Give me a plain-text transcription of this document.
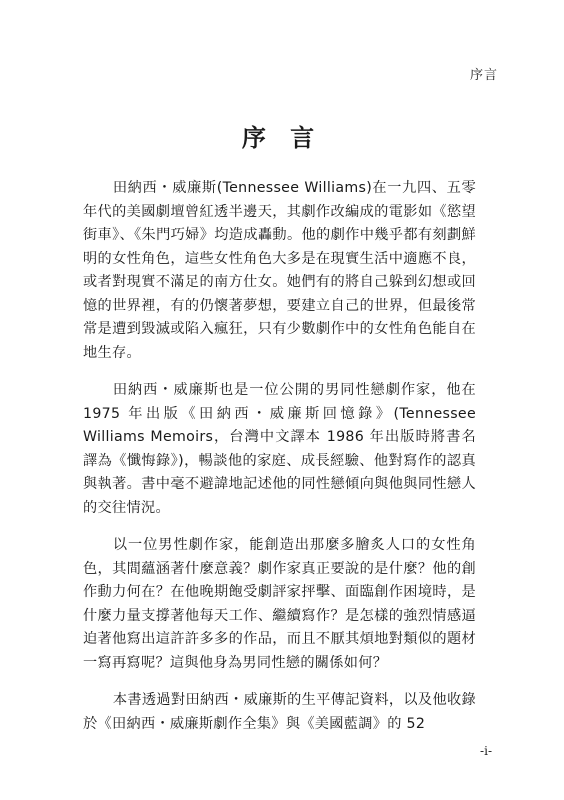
序言
序 言

田納西・威廉斯(Tennessee Williams)在一九四、五零年代的美國劇壇曾紅透半邊天，其劇作改編成的電影如《慾望街車》、《朱門巧婦》均造成轟動。他的劇作中幾乎都有刻劃鮮明的女性角色，這些女性角色大多是在現實生活中適應不良，或者對現實不滿足的南方仕女。她們有的將自己躲到幻想或回憶的世界裡，有的仍懷著夢想，要建立自己的世界，但最後常常是遭到毀滅或陷入瘋狂，只有少數劇作中的女性角色能自在地生存。

田納西・威廉斯也是一位公開的男同性戀劇作家，他在 1975 年出版《田納西・威廉斯回憶錄》(Tennessee Williams Memoirs，台灣中文譯本 1986 年出版時將書名譯為《懺悔錄》)，暢談他的家庭、成長經驗、他對寫作的認真與執著。書中毫不避諱地記述他的同性戀傾向與他與同性戀人的交往情況。

以一位男性劇作家，能創造出那麼多膾炙人口的女性角色，其間蘊涵著什麼意義？劇作家真正要說的是什麼？他的創作動力何在？在他晚期飽受劇評家抨擊、面臨創作困境時，是什麼力量支撐著他每天工作、繼續寫作？是怎樣的強烈情感逼迫著他寫出這許許多多的作品，而且不厭其煩地對類似的題材一寫再寫呢？這與他身為男同性戀的關係如何？

本書透過對田納西・威廉斯的生平傳記資料，以及他收錄於《田納西・威廉斯劇作全集》與《美國藍調》的 52

-i-
